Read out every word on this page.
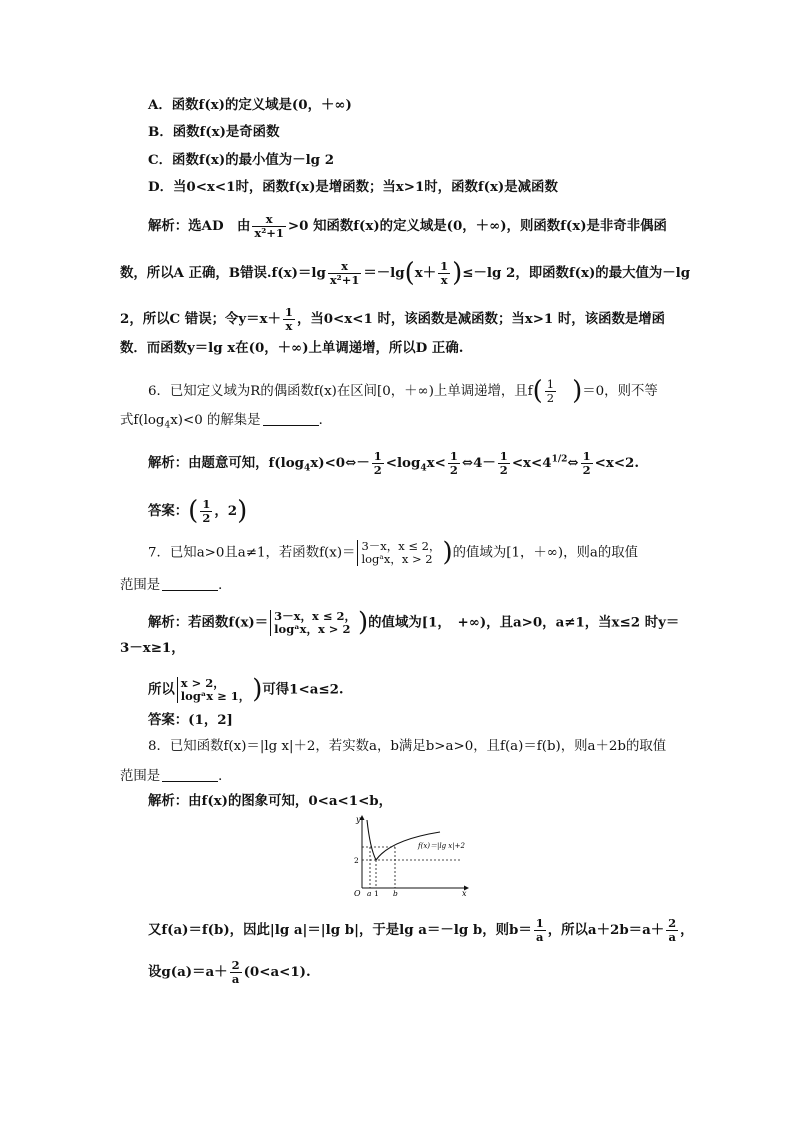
A．函数f(x)的定义域是(0，＋∞)
B．函数f(x)是奇函数
C．函数f(x)的最小值为－lg 2
D．当0<x<1时，函数f(x)是增函数；当x>1时，函数f(x)是减函数
解析：选AD　由 $\frac{x}{\text{x²+1}} >0$ 知函数f(x)的定义域是(0，＋∞)，则函数f(x)是非奇非偶函
数，所以A 正确，B错误$.f(x)=\lg \frac{x}{\text{x²+1}} =-\lg(x+ \frac{1}{x} )\le-\lg$ 2，即函数f(x)的最大值为－lg
2，所以C 错误；令$y=x+ \frac{1}{x}$ ，当0<x<1 时，该函数是减函数；当x>1 时，该函数是增函
数．而函数y＝lg x在(0，＋∞)上单调递增，所以D 正确.
6．已知定义域为R的偶函数f(x)在区间[0，＋∞)上单调递增，且$f( \frac{1}{2} )=0$，则不等
式$f(\log_4x)<0$ 的解集是	．
解析：由题意可知，$f(\log_4x)<0\Leftrightarrow- \frac{1}{2} <\log_4x< \frac{1}{2}$ ⇔4－ $\frac{1}{2}$ $<x<4^{1/2}\Leftrightarrow \frac{1}{2} <x<2$.
答案：( $\frac{1}{2}$ ，2)
7．已知a>0且a≠1，若函数f(x)＝ 3－x，x ≤ 2，
logᵃx，x > 2 )的值域为[1，＋∞)，则a的取值
范围是	．
解析：若函数f(x)＝ 3－x，x ≤ 2，
logᵃx，x > 2 )的值域为[1，　+∞)，且a>0，a≠1，当x≤2 时y＝
3－x≥1，
所以 x > 2，
logᵃx ≥ 1， )可得1<a≤2.
答案：(1，2]
8．已知函数f(x)＝|lg x|＋2，若实数a，b满足b>a>0，且f(a)＝f(b)，则a＋2b的取值
范围是	．
解析：由f(x)的图象可知，0<a<1<b，
y
x
O a 1 b
2
f(x)＝|lg x|+2
又f(a)＝f(b)，因此|lg a|＝|lg b|，于是lg a＝－lg b，则$b= \frac{1}{a}$ ，所以$a+2b=a+ \frac{2}{a}$ ，
设$g(a)=a+ \frac{2}{a} (0<a<1)$.
